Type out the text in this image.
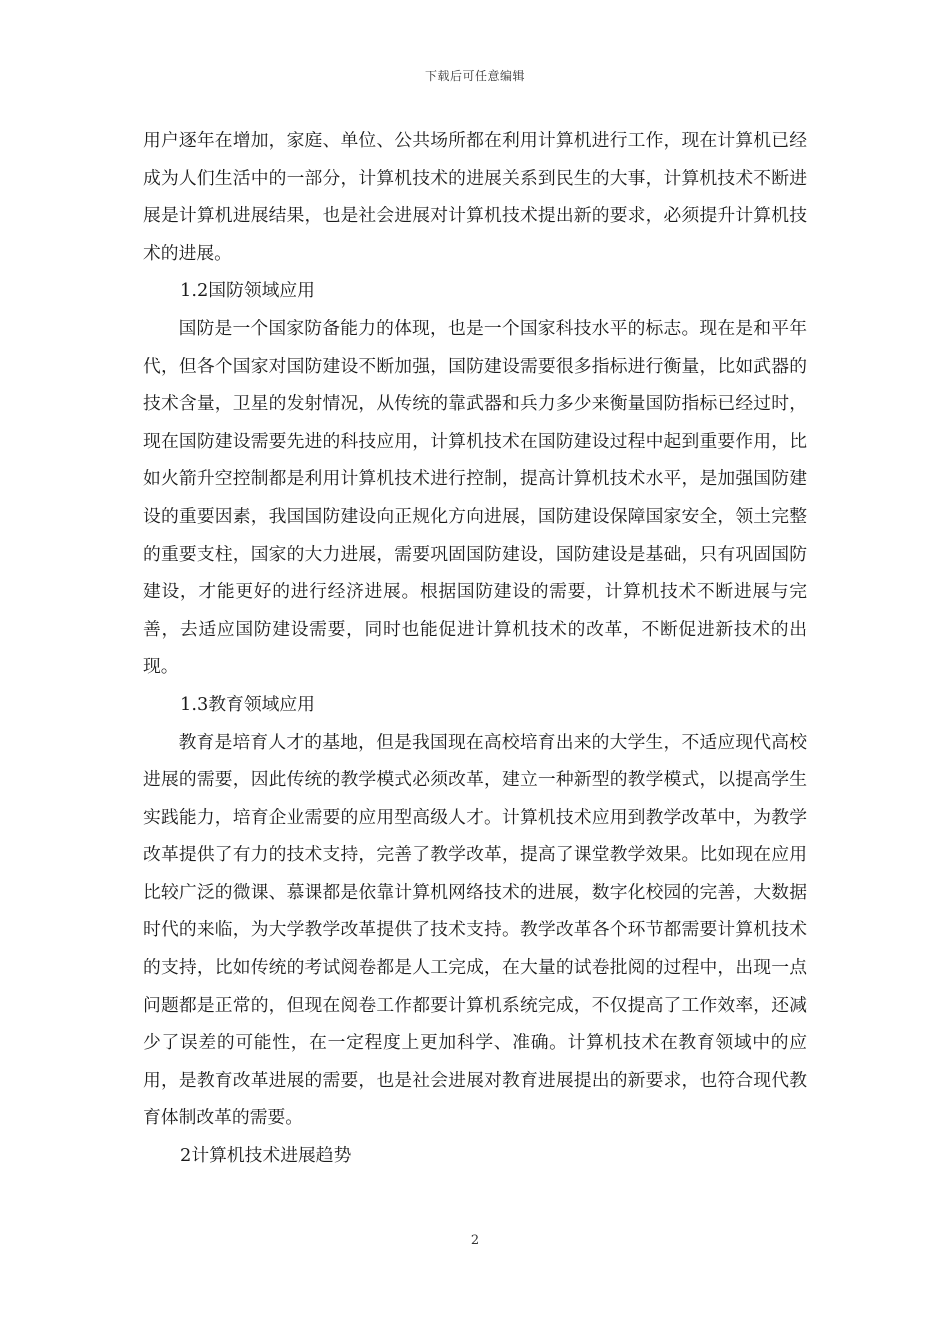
下载后可任意编辑

用户逐年在增加，家庭、单位、公共场所都在利用计算机进行工作，现在计算机已经成为人们生活中的一部分，计算机技术的进展关系到民生的大事，计算机技术不断进展是计算机进展结果，也是社会进展对计算机技术提出新的要求，必须提升计算机技术的进展。

1.2国防领域应用

国防是一个国家防备能力的体现，也是一个国家科技水平的标志。现在是和平年代，但各个国家对国防建设不断加强，国防建设需要很多指标进行衡量，比如武器的技术含量，卫星的发射情况，从传统的靠武器和兵力多少来衡量国防指标已经过时，现在国防建设需要先进的科技应用，计算机技术在国防建设过程中起到重要作用，比如火箭升空控制都是利用计算机技术进行控制，提高计算机技术水平，是加强国防建设的重要因素，我国国防建设向正规化方向进展，国防建设保障国家安全，领土完整的重要支柱，国家的大力进展，需要巩固国防建设，国防建设是基础，只有巩固国防建设，才能更好的进行经济进展。根据国防建设的需要，计算机技术不断进展与完善，去适应国防建设需要，同时也能促进计算机技术的改革，不断促进新技术的出现。

1.3教育领域应用

教育是培育人才的基地，但是我国现在高校培育出来的大学生，不适应现代高校进展的需要，因此传统的教学模式必须改革，建立一种新型的教学模式，以提高学生实践能力，培育企业需要的应用型高级人才。计算机技术应用到教学改革中，为教学改革提供了有力的技术支持，完善了教学改革，提高了课堂教学效果。比如现在应用比较广泛的微课、慕课都是依靠计算机网络技术的进展，数字化校园的完善，大数据时代的来临，为大学教学改革提供了技术支持。教学改革各个环节都需要计算机技术的支持，比如传统的考试阅卷都是人工完成，在大量的试卷批阅的过程中，出现一点问题都是正常的，但现在阅卷工作都要计算机系统完成，不仅提高了工作效率，还减少了误差的可能性，在一定程度上更加科学、准确。计算机技术在教育领域中的应用，是教育改革进展的需要，也是社会进展对教育进展提出的新要求，也符合现代教育体制改革的需要。

2计算机技术进展趋势

2
